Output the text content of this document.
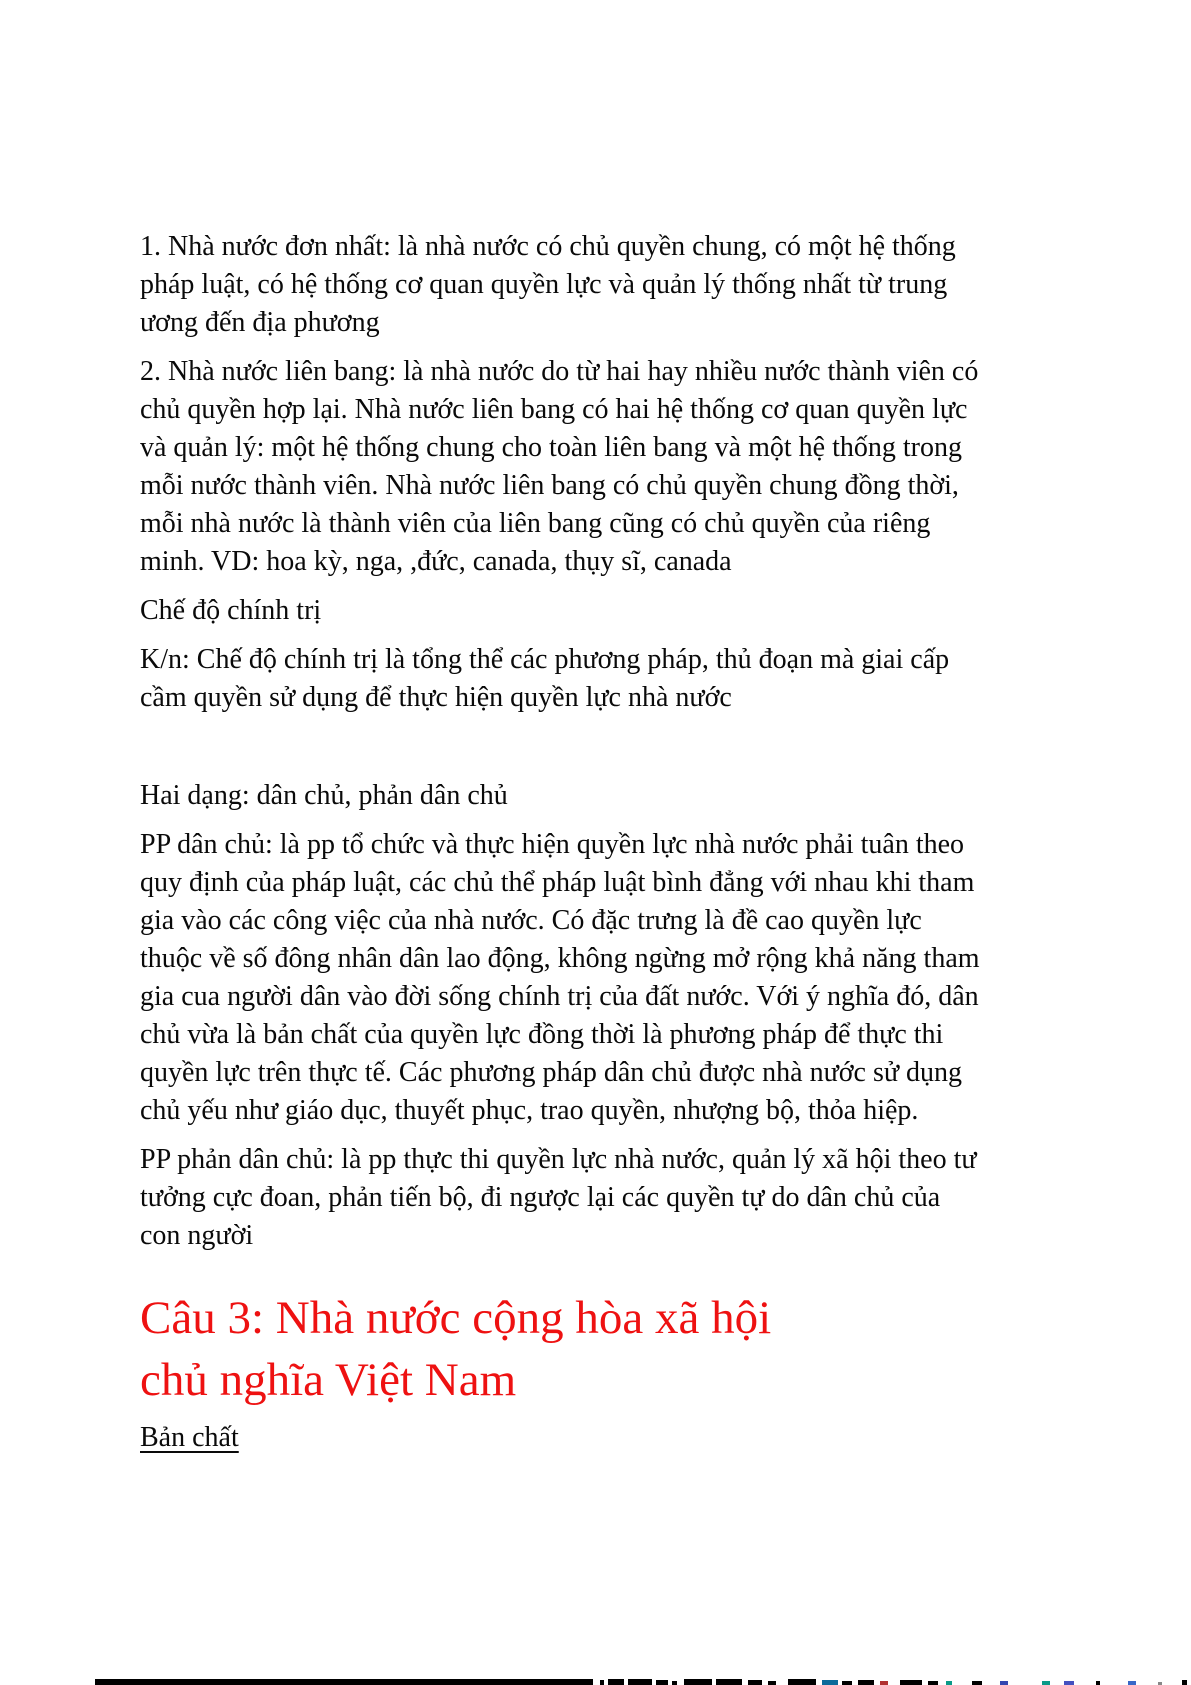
1. Nhà nước đơn nhất: là nhà nước có chủ quyền chung, có một hệ thống pháp luật, có hệ thống cơ quan quyền lực và quản lý thống nhất từ trung ương đến địa phương
2. Nhà nước liên bang: là nhà nước do từ hai hay nhiều nước thành viên có chủ quyền hợp lại. Nhà nước liên bang có hai hệ thống cơ quan quyền lực và quản lý: một hệ thống chung cho toàn liên bang và một hệ thống trong mỗi nước thành viên. Nhà nước liên bang có chủ quyền chung đồng thời, mỗi nhà nước là thành viên của liên bang cũng có chủ quyền của riêng minh. VD: hoa kỳ, nga, ,đức, canada, thụy sĩ, canada
Chế độ chính trị
K/n: Chế độ chính trị là tổng thể các phương pháp, thủ đoạn mà giai cấp cầm quyền sử dụng để thực hiện quyền lực nhà nước
Hai dạng: dân chủ, phản dân chủ
PP dân chủ: là pp tổ chức và thực hiện quyền lực nhà nước phải tuân theo quy định của pháp luật, các chủ thể pháp luật bình đẳng với nhau khi tham gia vào các công việc của nhà nước. Có đặc trưng là đề cao quyền lực thuộc về số đông nhân dân lao động, không ngừng mở rộng khả năng tham gia cua người dân vào đời sống chính trị của đất nước. Với ý nghĩa đó, dân chủ vừa là bản chất của quyền lực đồng thời là phương pháp để thực thi quyền lực trên thực tế. Các phương pháp dân chủ được nhà nước sử dụng chủ yếu như giáo dục, thuyết phục, trao quyền, nhượng bộ, thỏa hiệp.
PP phản dân chủ: là pp thực thi quyền lực nhà nước, quản lý xã hội theo tư tưởng cực đoan, phản tiến bộ, đi ngược lại các quyền tự do dân chủ của con người
Câu 3: Nhà nước cộng hòa xã hội chủ nghĩa Việt Nam
Bản chất
